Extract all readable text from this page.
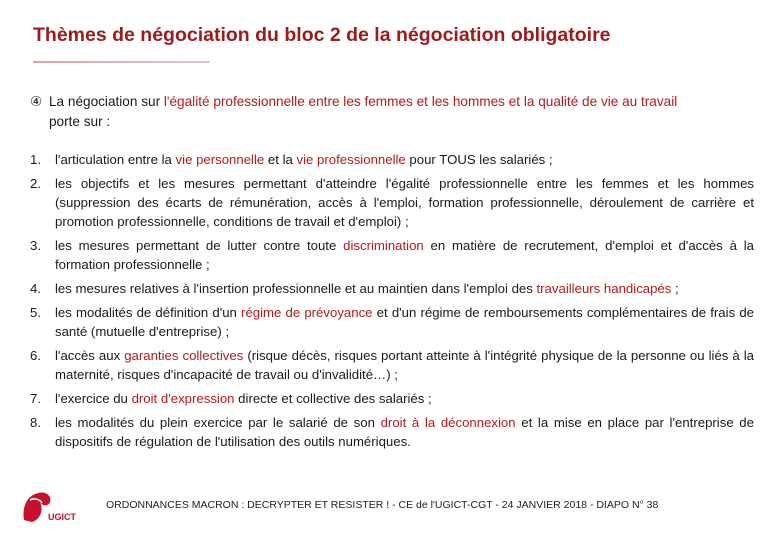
Thèmes de négociation du bloc 2 de la négociation obligatoire
④ La négociation sur l'égalité professionnelle entre les femmes et les hommes et la qualité de vie au travail
porte sur :
1. l'articulation entre la vie personnelle et la vie professionnelle pour TOUS les salariés ;
2. les objectifs et les mesures permettant d'atteindre l'égalité professionnelle entre les femmes et les hommes (suppression des écarts de rémunération, accès à l'emploi, formation professionnelle, déroulement de carrière et promotion professionnelle, conditions de travail et d'emploi) ;
3. les mesures permettant de lutter contre toute discrimination en matière de recrutement, d'emploi et d'accès à la formation professionnelle ;
4. les mesures relatives à l'insertion professionnelle et au maintien dans l'emploi des travailleurs handicapés ;
5. les modalités de définition d'un régime de prévoyance et d'un régime de remboursements complémentaires de frais de santé (mutuelle d'entreprise) ;
6. l'accès aux garanties collectives (risque décès, risques portant atteinte à l'intégrité physique de la personne ou liés à la maternité, risques d'incapacité de travail ou d'invalidité…) ;
7. l'exercice du droit d'expression directe et collective des salariés ;
8. les modalités du plein exercice par le salarié de son droit à la déconnexion et la mise en place par l'entreprise de dispositifs de régulation de l'utilisation des outils numériques.
UGICT
ORDONNANCES MACRON : DECRYPTER ET RESISTER ! - CE de l'UGICT-CGT - 24 JANVIER 2018 - DIAPO N° 38
